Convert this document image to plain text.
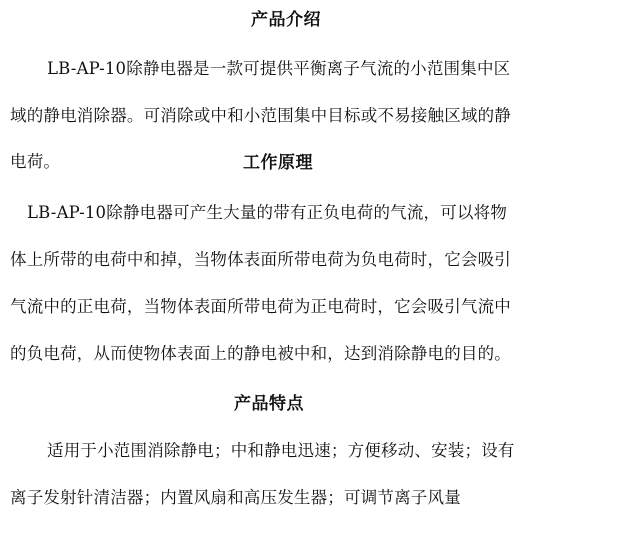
产品介绍
LB-AP-10除静电器是一款可提供平衡离子气流的小范围集中区
域的静电消除器。可消除或中和小范围集中目标或不易接触区域的静
电荷。	工作原理
LB-AP-10除静电器可产生大量的带有正负电荷的气流，可以将物
体上所带的电荷中和掉，当物体表面所带电荷为负电荷时，它会吸引
气流中的正电荷，当物体表面所带电荷为正电荷时，它会吸引气流中
的负电荷，从而使物体表面上的静电被中和，达到消除静电的目的。
产品特点
适用于小范围消除静电；中和静电迅速；方便移动、安装；设有
离子发射针清洁器；内置风扇和高压发生器；可调节离子风量
